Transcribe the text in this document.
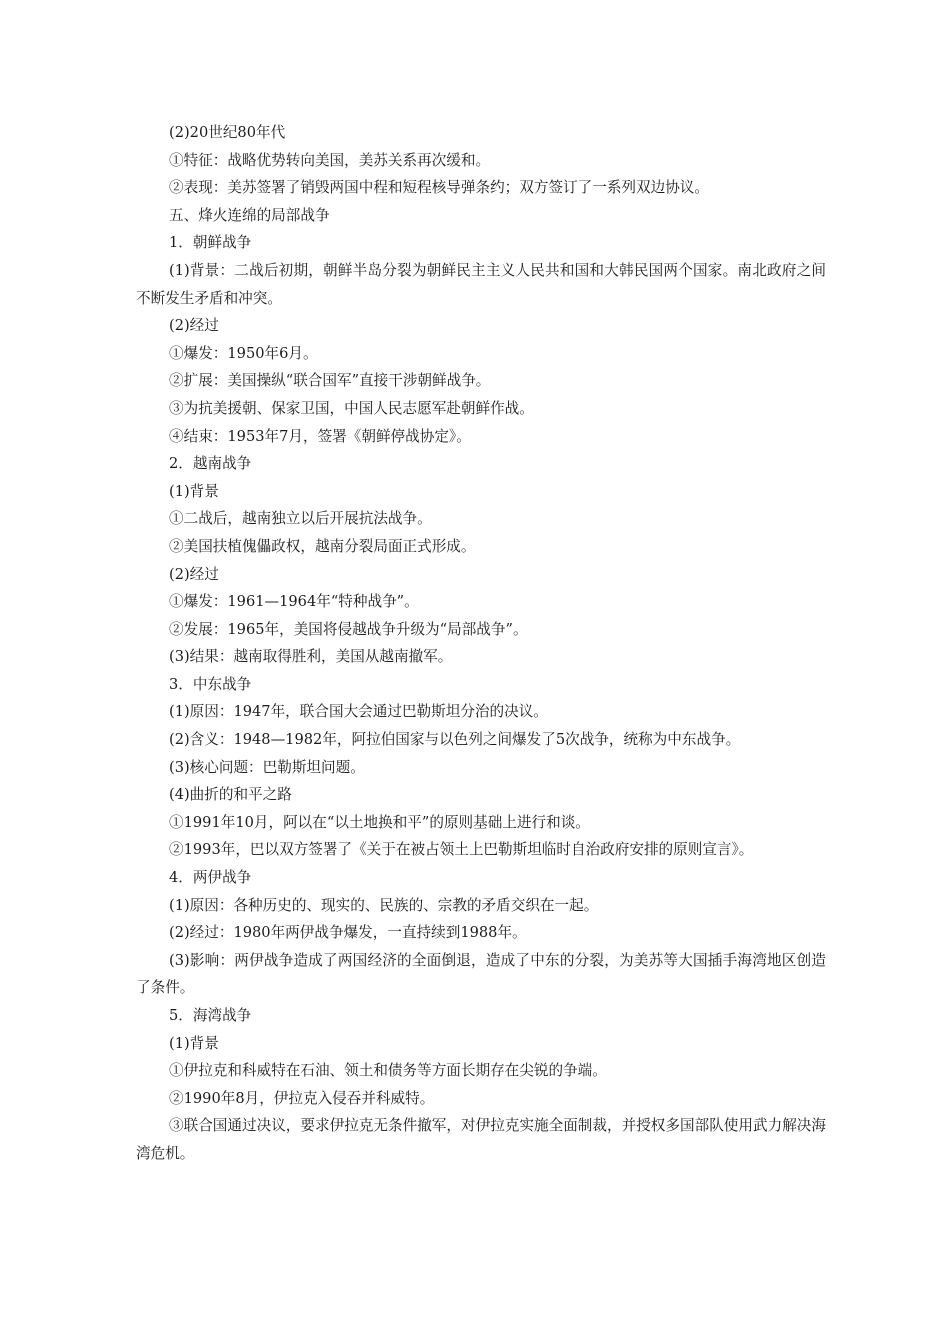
(2)20世纪80年代
①特征：战略优势转向美国，美苏关系再次缓和。
②表现：美苏签署了销毁两国中程和短程核导弹条约；双方签订了一系列双边协议。
五、烽火连绵的局部战争
1．朝鲜战争
(1)背景：二战后初期，朝鲜半岛分裂为朝鲜民主主义人民共和国和大韩民国两个国家。南北政府之间不断发生矛盾和冲突。
(2)经过
①爆发：1950年6月。
②扩展：美国操纵“联合国军”直接干涉朝鲜战争。
③为抗美援朝、保家卫国，中国人民志愿军赴朝鲜作战。
④结束：1953年7月，签署《朝鲜停战协定》。
2．越南战争
(1)背景
①二战后，越南独立以后开展抗法战争。
②美国扶植傀儡政权，越南分裂局面正式形成。
(2)经过
①爆发：1961—1964年“特种战争”。
②发展：1965年，美国将侵越战争升级为“局部战争”。
(3)结果：越南取得胜利，美国从越南撤军。
3．中东战争
(1)原因：1947年，联合国大会通过巴勒斯坦分治的决议。
(2)含义：1948—1982年，阿拉伯国家与以色列之间爆发了5次战争，统称为中东战争。
(3)核心问题：巴勒斯坦问题。
(4)曲折的和平之路
①1991年10月，阿以在“以土地换和平”的原则基础上进行和谈。
②1993年，巴以双方签署了《关于在被占领土上巴勒斯坦临时自治政府安排的原则宣言》。
4．两伊战争
(1)原因：各种历史的、现实的、民族的、宗教的矛盾交织在一起。
(2)经过：1980年两伊战争爆发，一直持续到1988年。
(3)影响：两伊战争造成了两国经济的全面倒退，造成了中东的分裂，为美苏等大国插手海湾地区创造了条件。
5．海湾战争
(1)背景
①伊拉克和科威特在石油、领土和债务等方面长期存在尖锐的争端。
②1990年8月，伊拉克入侵吞并科威特。
③联合国通过决议，要求伊拉克无条件撤军，对伊拉克实施全面制裁，并授权多国部队使用武力解决海湾危机。
